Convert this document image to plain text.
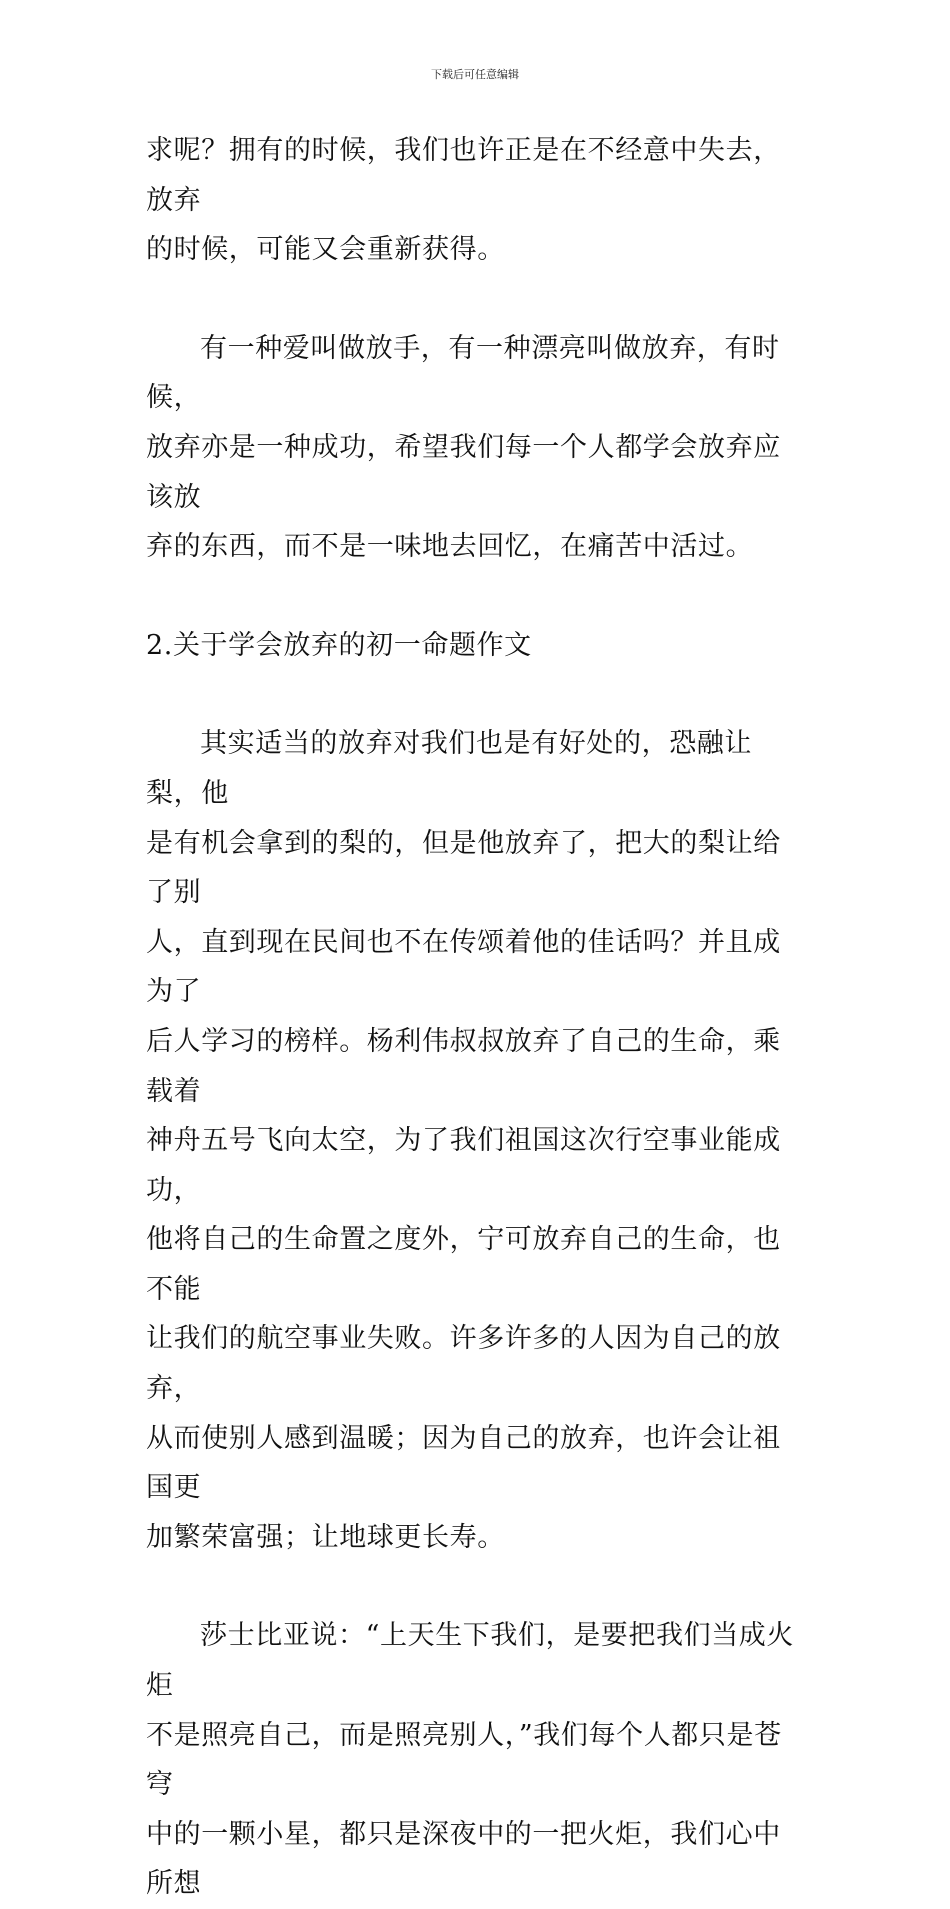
下载后可任意编辑

求呢？拥有的时候，我们也许正是在不经意中失去，放弃
的时候，可能又会重新获得。

有一种爱叫做放手，有一种漂亮叫做放弃，有时候，
放弃亦是一种成功，希望我们每一个人都学会放弃应该放
弃的东西，而不是一味地去回忆，在痛苦中活过。

2.关于学会放弃的初一命题作文

其实适当的放弃对我们也是有好处的，恐融让梨，他
是有机会拿到的梨的，但是他放弃了，把大的梨让给了别
人，直到现在民间也不在传颂着他的佳话吗？并且成为了
后人学习的榜样。杨利伟叔叔放弃了自己的生命，乘载着
神舟五号飞向太空，为了我们祖国这次行空事业能成功，
他将自己的生命置之度外，宁可放弃自己的生命，也不能
让我们的航空事业失败。许多许多的人因为自己的放弃，
从而使别人感到温暖；因为自己的放弃，也许会让祖国更
加繁荣富强；让地球更长寿。

莎士比亚说：“上天生下我们，是要把我们当成火炬
不是照亮自己，而是照亮别人，”我们每个人都只是苍穹
中的一颗小星，都只是深夜中的一把火炬，我们心中所想
